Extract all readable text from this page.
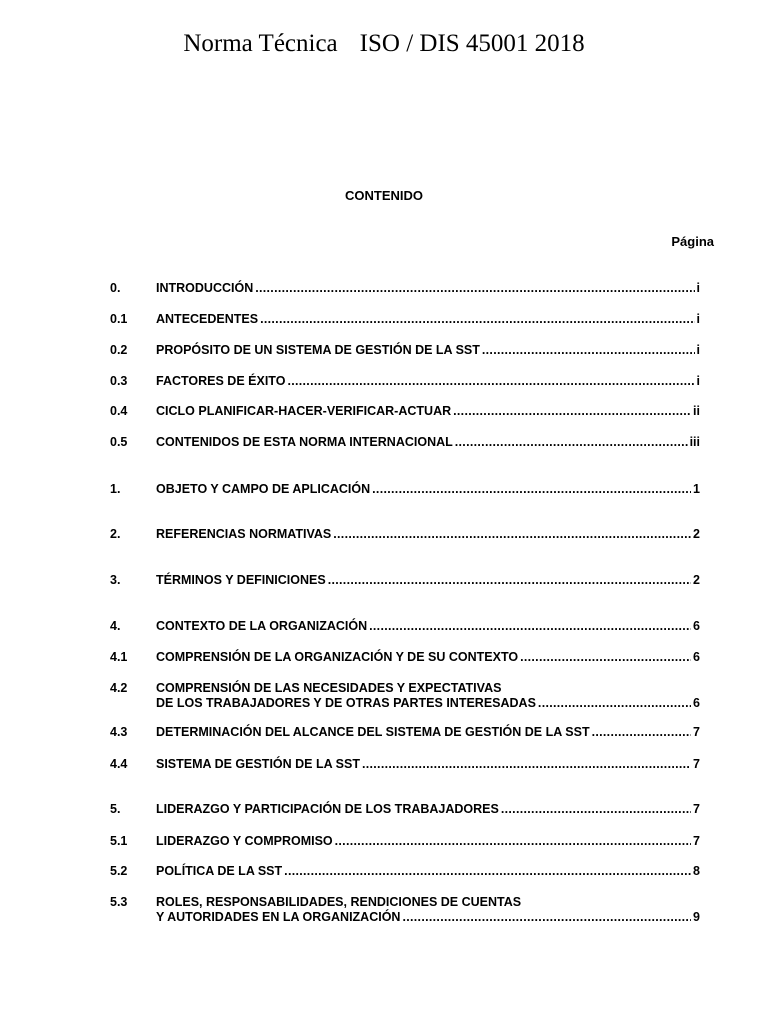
Norma Técnica ISO / DIS 45001 2018
CONTENIDO
Página
0.	INTRODUCCIÓN .....	i
0.1 ANTECEDENTES .....	i
0.2 PROPÓSITO DE UN SISTEMA DE GESTIÓN DE LA SST .....	i
0.3 FACTORES DE ÉXITO .....	i
0.4 CICLO PLANIFICAR-HACER-VERIFICAR-ACTUAR .....	ii
0.5 CONTENIDOS DE ESTA NORMA INTERNACIONAL .....	iii
1.	OBJETO Y CAMPO DE APLICACIÓN .....	1
2.	REFERENCIAS NORMATIVAS .....	2
3.	TÉRMINOS Y DEFINICIONES .....	2
4.	CONTEXTO DE LA ORGANIZACIÓN .....	6
4.1 COMPRENSIÓN DE LA ORGANIZACIÓN Y DE SU CONTEXTO .....	6
4.2 COMPRENSIÓN DE LAS NECESIDADES Y EXPECTATIVAS
DE LOS TRABAJADORES Y DE OTRAS PARTES INTERESADAS .....	6
4.3 DETERMINACIÓN DEL ALCANCE DEL SISTEMA DE GESTIÓN DE LA SST .....	7
4.4 SISTEMA DE GESTIÓN DE LA SST .....	7
5.	LIDERAZGO Y PARTICIPACIÓN DE LOS TRABAJADORES .....	7
5.1 LIDERAZGO Y COMPROMISO .....	7
5.2 POLÍTICA DE LA SST .....	8
5.3 ROLES, RESPONSABILIDADES, RENDICIONES DE CUENTAS
Y AUTORIDADES EN LA ORGANIZACIÓN .....	9
